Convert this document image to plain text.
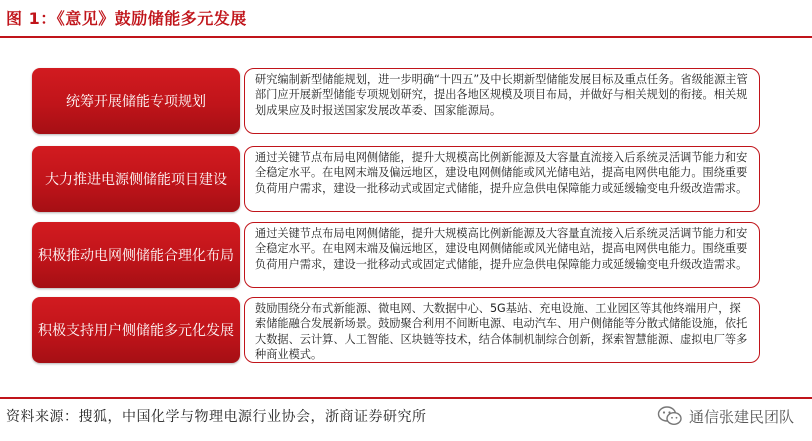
图 1：《意见》鼓励储能多元发展
统筹开展储能专项规划
研究编制新型储能规划，进一步明确“十四五”及中长期新型储能发展目标及重点任务。省级能源主管部门应开展新型储能专项规划研究，提出各地区规模及项目布局，并做好与相关规划的衔接。相关规划成果应及时报送国家发展改革委、国家能源局。
大力推进电源侧储能项目建设
通过关键节点布局电网侧储能，提升大规模高比例新能源及大容量直流接入后系统灵活调节能力和安全稳定水平。在电网末端及偏远地区，建设电网侧储能或风光储电站，提高电网供电能力。围绕重要负荷用户需求，建设一批移动式或固定式储能，提升应急供电保障能力或延缓输变电升级改造需求。
积极推动电网侧储能合理化布局
通过关键节点布局电网侧储能，提升大规模高比例新能源及大容量直流接入后系统灵活调节能力和安全稳定水平。在电网末端及偏远地区，建设电网侧储能或风光储电站，提高电网供电能力。围绕重要负荷用户需求，建设一批移动式或固定式储能，提升应急供电保障能力或延缓输变电升级改造需求。
积极支持用户侧储能多元化发展
鼓励围绕分布式新能源、微电网、大数据中心、5G基站、充电设施、工业园区等其他终端用户，探索储能融合发展新场景。鼓励聚合利用不间断电源、电动汽车、用户侧储能等分散式储能设施，依托大数据、云计算、人工智能、区块链等技术，结合体制机制综合创新，探索智慧能源、虚拟电厂等多种商业模式。
资料来源：搜狐，中国化学与物理电源行业协会，浙商证券研究所	通信张建民团队
